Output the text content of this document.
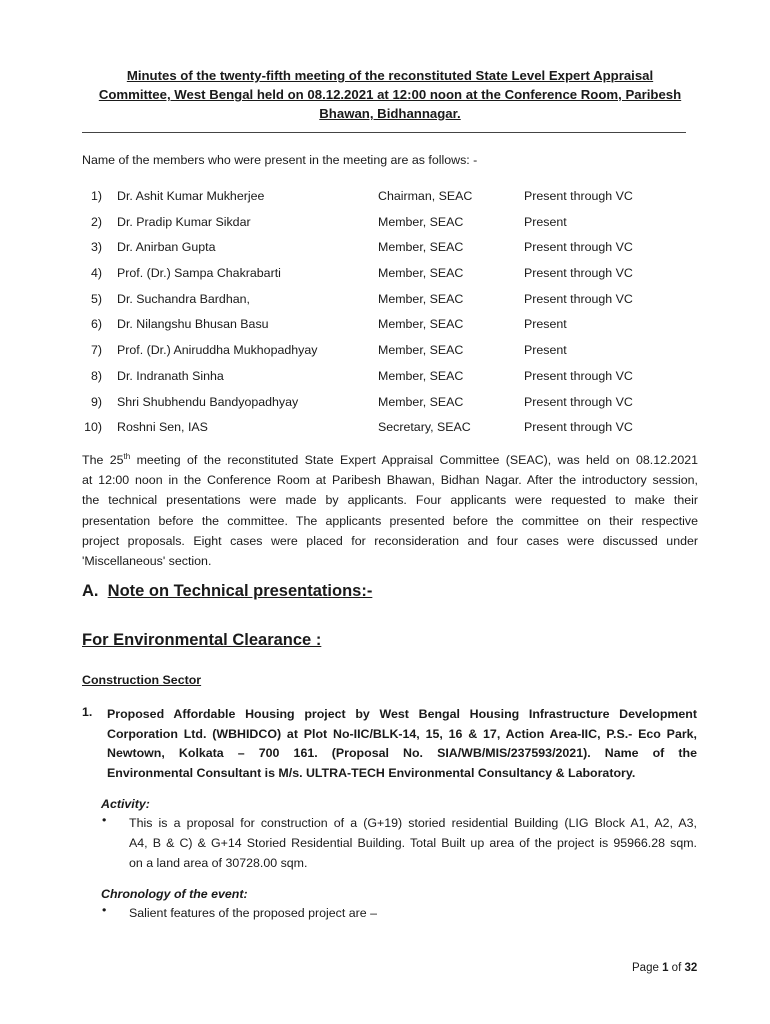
Minutes of the twenty-fifth meeting of the reconstituted State Level Expert Appraisal
Committee, West Bengal held on 08.12.2021 at 12:00 noon at the Conference Room, Paribesh
Bhawan, Bidhannagar.
Name of the members who were present in the meeting are as follows: -
1) Dr. Ashit Kumar Mukherjee	Chairman, SEAC	Present through VC
2) Dr. Pradip Kumar Sikdar	Member, SEAC	Present
3) Dr. Anirban Gupta	Member, SEAC	Present through VC
4) Prof. (Dr.) Sampa Chakrabarti	Member, SEAC	Present through VC
5) Dr. Suchandra Bardhan,	Member, SEAC	Present through VC
6) Dr. Nilangshu Bhusan Basu	Member, SEAC	Present
7) Prof. (Dr.) Aniruddha Mukhopadhyay	Member, SEAC	Present
8) Dr. Indranath Sinha	Member, SEAC	Present through VC
9) Shri Shubhendu Bandyopadhyay	Member, SEAC	Present through VC
10) Roshni Sen, IAS	Secretary, SEAC	Present through VC
The 25th meeting of the reconstituted State Expert Appraisal Committee (SEAC), was held on 08.12.2021
at 12:00 noon in the Conference Room at Paribesh Bhawan, Bidhan Nagar. After the introductory session,
the technical presentations were made by applicants. Four applicants were requested to make their
presentation before the committee. The applicants presented before the committee on their respective
project proposals. Eight cases were placed for reconsideration and four cases were discussed under
'Miscellaneous' section.
A. Note on Technical presentations:-
For Environmental Clearance :
Construction Sector
1. Proposed Affordable Housing project by West Bengal Housing Infrastructure Development
Corporation Ltd. (WBHIDCO) at Plot No-IIC/BLK-14, 15, 16 & 17, Action Area-IIC, P.S.- Eco Park,
Newtown, Kolkata – 700 161. (Proposal No. SIA/WB/MIS/237593/2021). Name of the
Environmental Consultant is M/s. ULTRA-TECH Environmental Consultancy & Laboratory.
Activity:
• This is a proposal for construction of a (G+19) storied residential Building (LIG Block A1, A2, A3,
A4, B & C) & G+14 Storied Residential Building. Total Built up area of the project is 95966.28 sqm.
on a land area of 30728.00 sqm.
Chronology of the event:
• Salient features of the proposed project are –
Page 1 of 32
